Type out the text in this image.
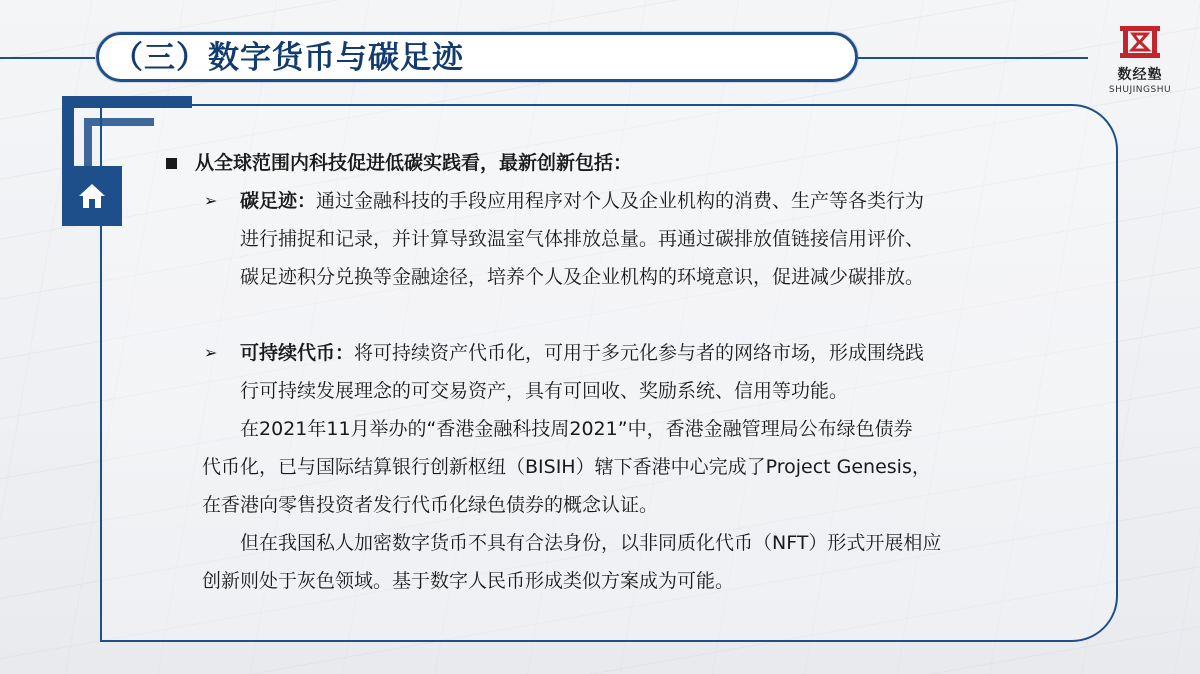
（三）数字货币与碳足迹	数经塾
SHUJINGSHU
从全球范围内科技促进低碳实践看，最新创新包括：
➢ 碳足迹：通过金融科技的手段应用程序对个人及企业机构的消费、生产等各类行为
进行捕捉和记录，并计算导致温室气体排放总量。再通过碳排放值链接信用评价、
碳足迹积分兑换等金融途径，培养个人及企业机构的环境意识，促进减少碳排放。
➢ 可持续代币：将可持续资产代币化，可用于多元化参与者的网络市场，形成围绕践
行可持续发展理念的可交易资产，具有可回收、奖励系统、信用等功能。
在2021年11月举办的“香港金融科技周2021”中，香港金融管理局公布绿色债券
代币化，已与国际结算银行创新枢纽（BISIH）辖下香港中心完成了Project Genesis，
在香港向零售投资者发行代币化绿色债券的概念认证。
但在我国私人加密数字货币不具有合法身份，以非同质化代币（NFT）形式开展相应
创新则处于灰色领域。基于数字人民币形成类似方案成为可能。
